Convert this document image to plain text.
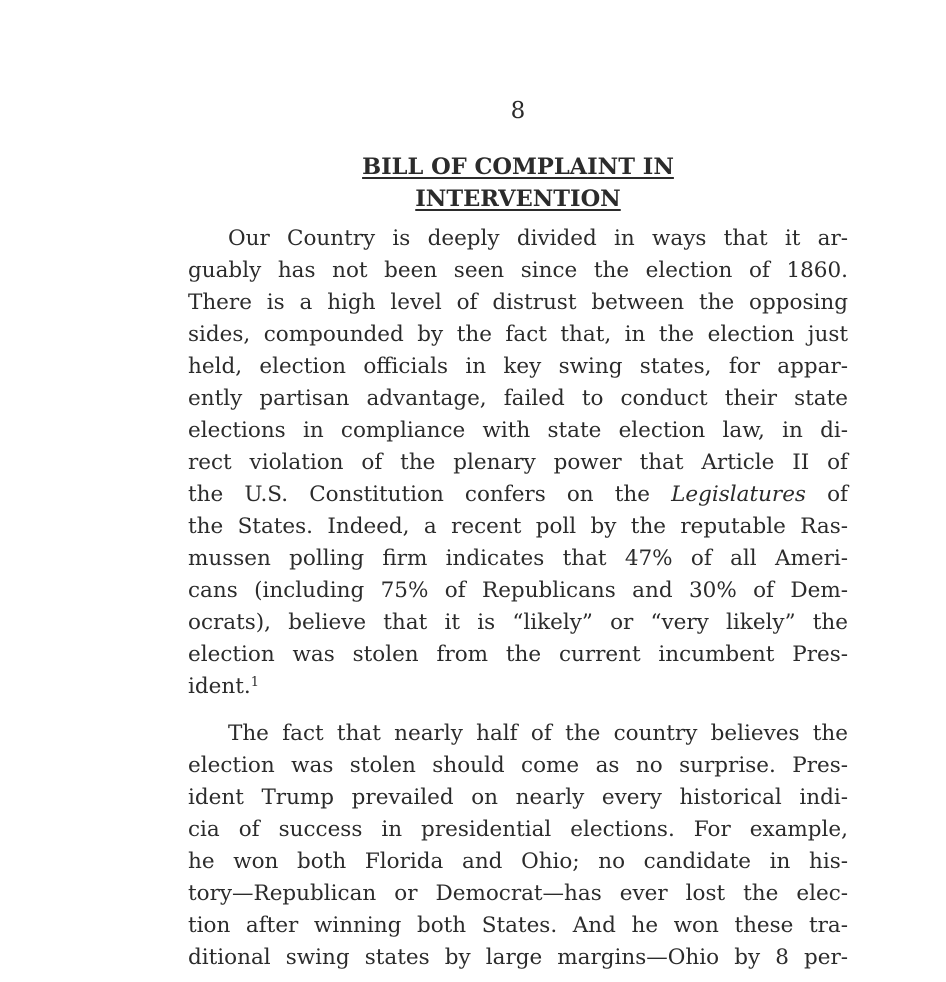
8
BILL OF COMPLAINT IN
INTERVENTION
Our Country is deeply divided in ways that it ar-
guably has not been seen since the election of 1860.
There is a high level of distrust between the opposing
sides, compounded by the fact that, in the election just
held, election officials in key swing states, for appar-
ently partisan advantage, failed to conduct their state
elections in compliance with state election law, in di-
rect violation of the plenary power that Article II of
the U.S. Constitution confers on the Legislatures of
the States. Indeed, a recent poll by the reputable Ras-
mussen polling firm indicates that 47% of all Ameri-
cans (including 75% of Republicans and 30% of Dem-
ocrats), believe that it is “likely” or “very likely” the
election was stolen from the current incumbent Pres-
ident.$^1$
The fact that nearly half of the country believes the
election was stolen should come as no surprise. Pres-
ident Trump prevailed on nearly every historical indi-
cia of success in presidential elections. For example,
he won both Florida and Ohio; no candidate in his-
tory—Republican or Democrat—has ever lost the elec-
tion after winning both States. And he won these tra-
ditional swing states by large margins—Ohio by 8 per-
